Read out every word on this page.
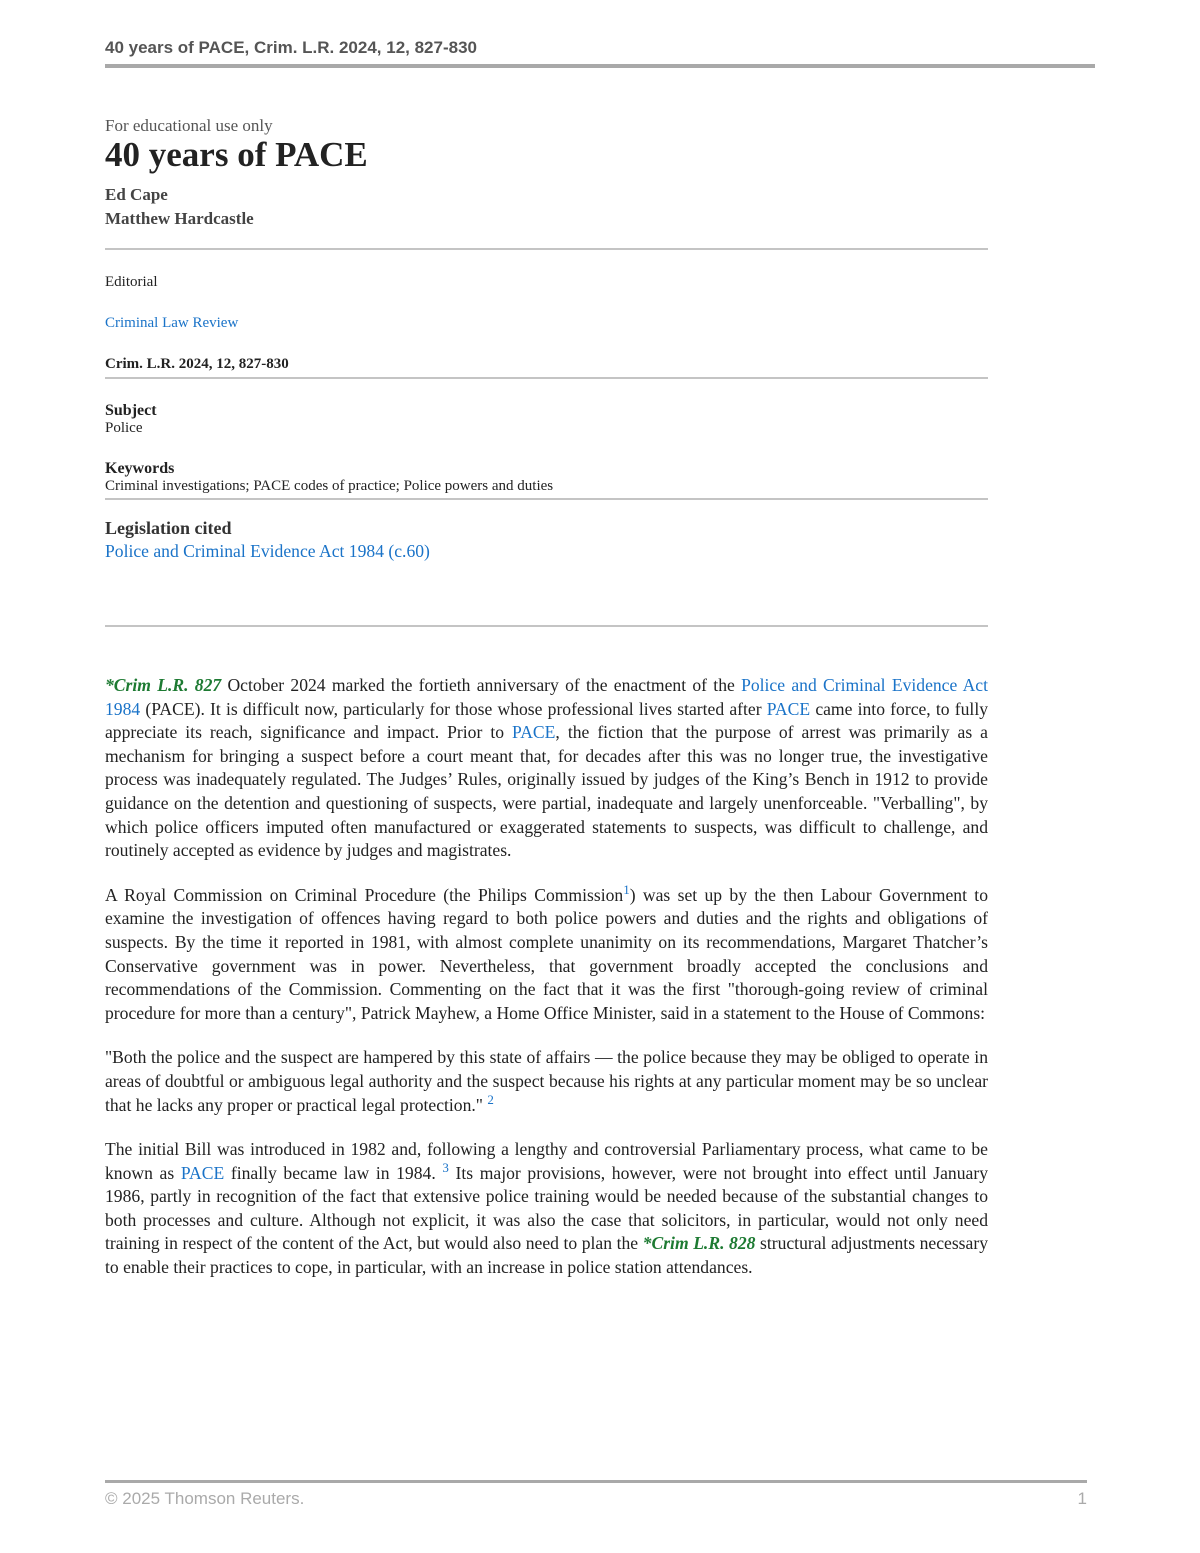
40 years of PACE, Crim. L.R. 2024, 12, 827-830
For educational use only
40 years of PACE
Ed Cape
Matthew Hardcastle
Editorial
Criminal Law Review
Crim. L.R. 2024, 12, 827-830
Subject
Police
Keywords
Criminal investigations; PACE codes of practice; Police powers and duties
Legislation cited
Police and Criminal Evidence Act 1984 (c.60)

*Crim L.R. 827 October 2024 marked the fortieth anniversary of the enactment of the Police and Criminal Evidence Act 1984 (PACE). It is difficult now, particularly for those whose professional lives started after PACE came into force, to fully appreciate its reach, significance and impact. Prior to PACE, the fiction that the purpose of arrest was primarily as a mechanism for bringing a suspect before a court meant that, for decades after this was no longer true, the investigative process was inadequately regulated. The Judges’ Rules, originally issued by judges of the King’s Bench in 1912 to provide guidance on the detention and questioning of suspects, were partial, inadequate and largely unenforceable. "Verballing", by which police officers imputed often manufactured or exaggerated statements to suspects, was difficult to challenge, and routinely accepted as evidence by judges and magistrates.

A Royal Commission on Criminal Procedure (the Philips Commission$^1$) was set up by the then Labour Government to examine the investigation of offences having regard to both police powers and duties and the rights and obligations of suspects. By the time it reported in 1981, with almost complete unanimity on its recommendations, Margaret Thatcher’s Conservative government was in power. Nevertheless, that government broadly accepted the conclusions and recommendations of the Commission. Commenting on the fact that it was the first "thorough-going review of criminal procedure for more than a century", Patrick Mayhew, a Home Office Minister, said in a statement to the House of Commons:

"Both the police and the suspect are hampered by this state of affairs — the police because they may be obliged to operate in areas of doubtful or ambiguous legal authority and the suspect because his rights at any particular moment may be so unclear that he lacks any proper or practical legal protection." $^2$

The initial Bill was introduced in 1982 and, following a lengthy and controversial Parliamentary process, what came to be known as PACE finally became law in 1984. $^3$ Its major provisions, however, were not brought into effect until January 1986, partly in recognition of the fact that extensive police training would be needed because of the substantial changes to both processes and culture. Although not explicit, it was also the case that solicitors, in particular, would not only need training in respect of the content of the Act, but would also need to plan the *Crim L.R. 828 structural adjustments necessary to enable their practices to cope, in particular, with an increase in police station attendances.

© 2025 Thomson Reuters.	1
